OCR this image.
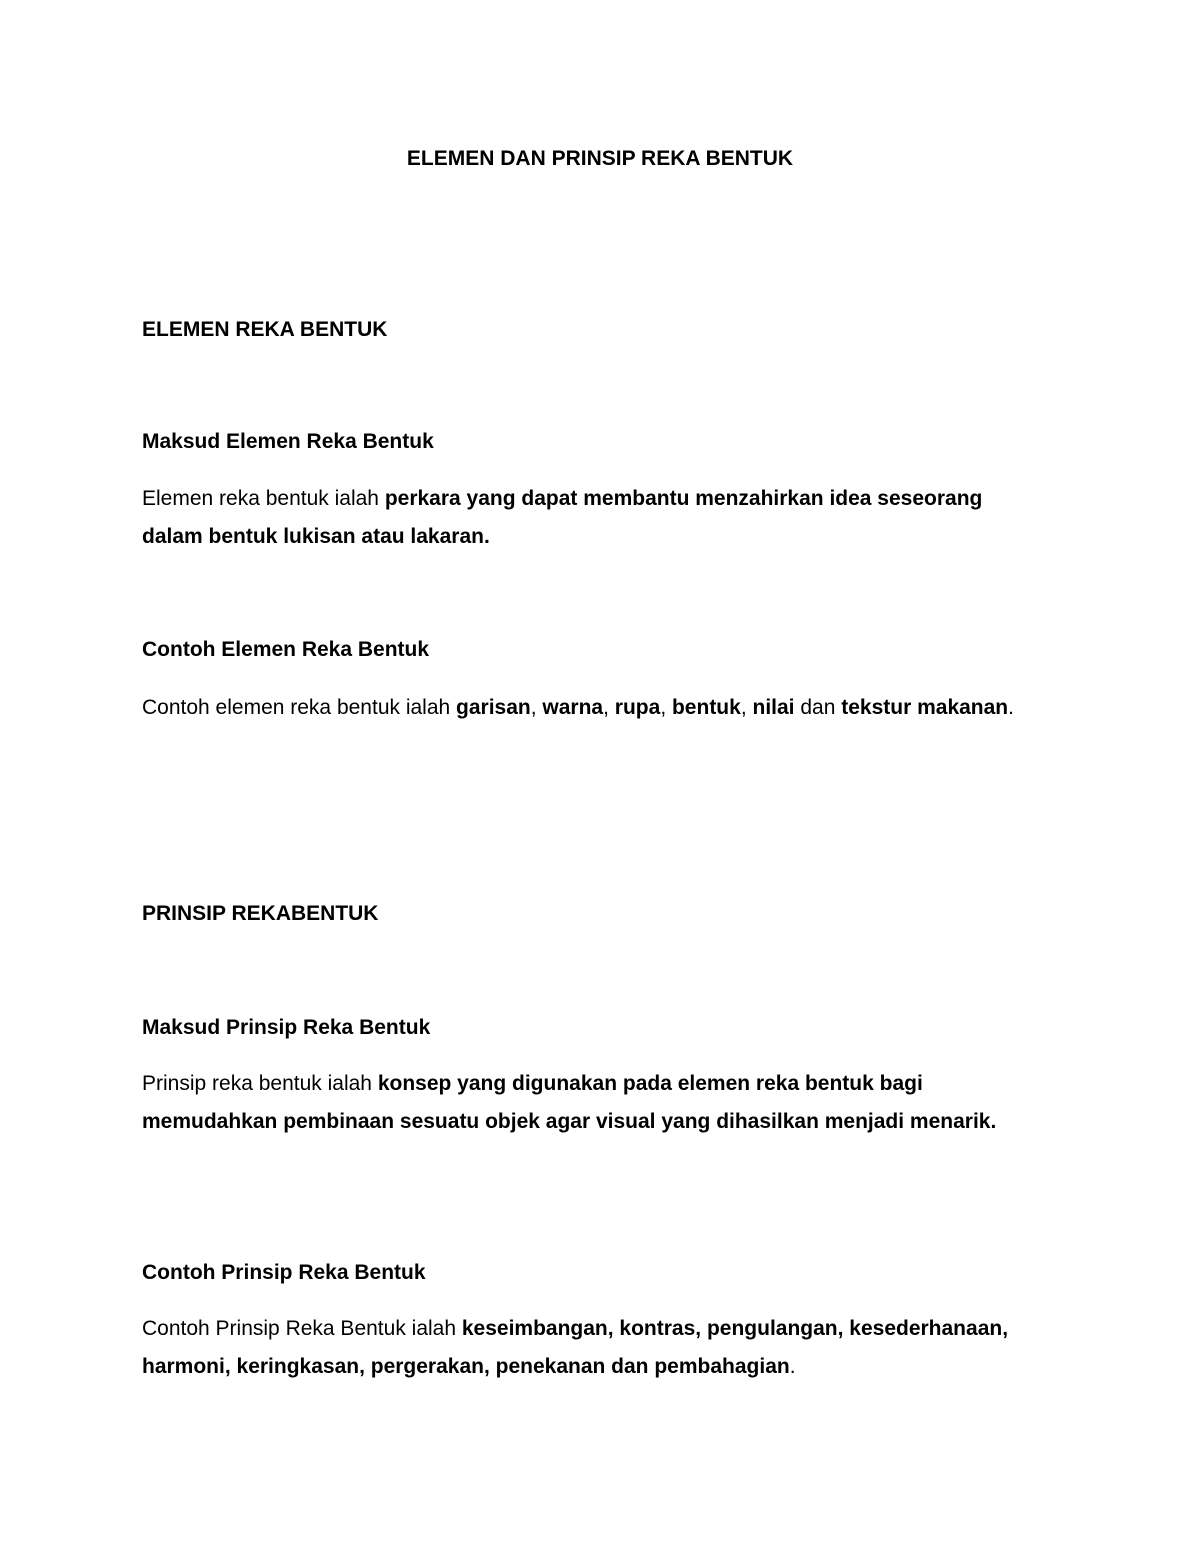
ELEMEN DAN PRINSIP REKA BENTUK
ELEMEN REKA BENTUK
Maksud Elemen Reka Bentuk

Elemen reka bentuk ialah perkara yang dapat membantu menzahirkan idea seseorang dalam bentuk lukisan atau lakaran.

Contoh Elemen Reka Bentuk

Contoh elemen reka bentuk ialah garisan, warna, rupa, bentuk, nilai dan tekstur makanan.

PRINSIP REKABENTUK
Maksud Prinsip Reka Bentuk

Prinsip reka bentuk ialah konsep yang digunakan pada elemen reka bentuk bagi memudahkan pembinaan sesuatu objek agar visual yang dihasilkan menjadi menarik.

Contoh Prinsip Reka Bentuk

Contoh Prinsip Reka Bentuk ialah keseimbangan, kontras, pengulangan, kesederhanaan, harmoni, keringkasan, pergerakan, penekanan dan pembahagian.
